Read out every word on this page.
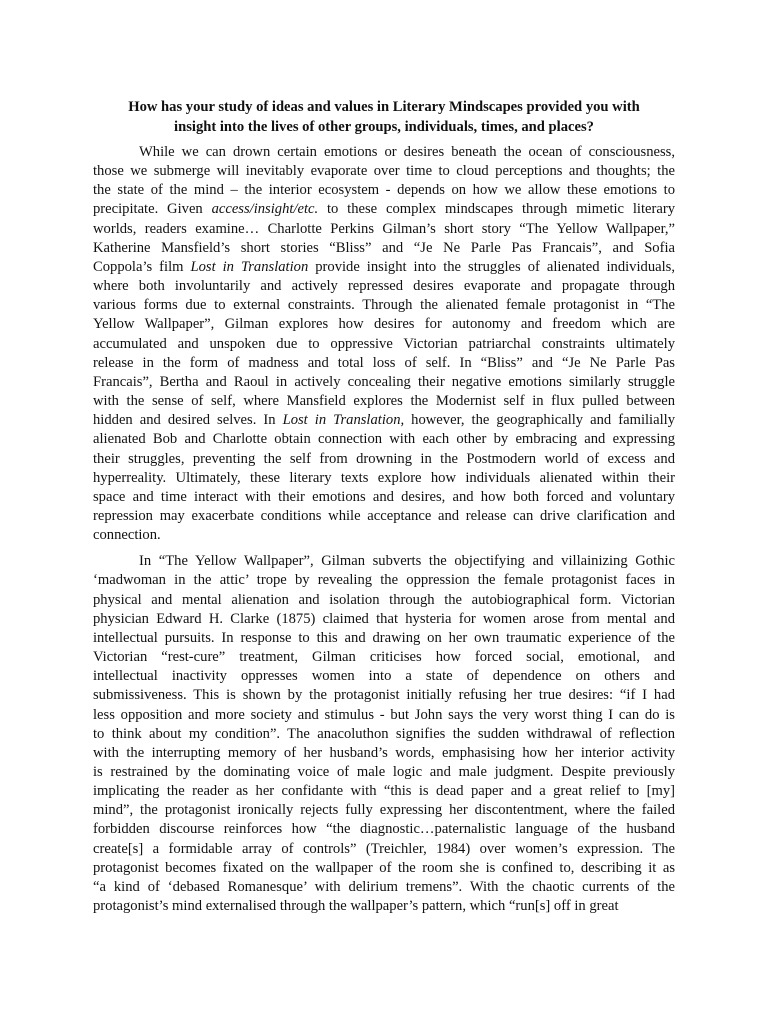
How has your study of ideas and values in Literary Mindscapes provided you with
insight into the lives of other groups, individuals, times, and places?

While we can drown certain emotions or desires beneath the ocean of consciousness,
those we submerge will inevitably evaporate over time to cloud perceptions and thoughts; the
the state of the mind – the interior ecosystem - depends on how we allow these emotions to
precipitate. Given access/insight/etc. to these complex mindscapes through mimetic literary
worlds, readers examine… Charlotte Perkins Gilman’s short story “The Yellow Wallpaper,”
Katherine Mansfield’s short stories “Bliss” and “Je Ne Parle Pas Francais”, and Sofia
Coppola’s film Lost in Translation provide insight into the struggles of alienated individuals,
where both involuntarily and actively repressed desires evaporate and propagate through
various forms due to external constraints. Through the alienated female protagonist in “The
Yellow Wallpaper”, Gilman explores how desires for autonomy and freedom which are
accumulated and unspoken due to oppressive Victorian patriarchal constraints ultimately
release in the form of madness and total loss of self. In “Bliss” and “Je Ne Parle Pas
Francais”, Bertha and Raoul in actively concealing their negative emotions similarly struggle
with the sense of self, where Mansfield explores the Modernist self in flux pulled between
hidden and desired selves. In Lost in Translation, however, the geographically and familially
alienated Bob and Charlotte obtain connection with each other by embracing and expressing
their struggles, preventing the self from drowning in the Postmodern world of excess and
hyperreality. Ultimately, these literary texts explore how individuals alienated within their
space and time interact with their emotions and desires, and how both forced and voluntary
repression may exacerbate conditions while acceptance and release can drive clarification and
connection.

In “The Yellow Wallpaper”, Gilman subverts the objectifying and villainizing Gothic
‘madwoman in the attic’ trope by revealing the oppression the female protagonist faces in
physical and mental alienation and isolation through the autobiographical form. Victorian
physician Edward H. Clarke (1875) claimed that hysteria for women arose from mental and
intellectual pursuits. In response to this and drawing on her own traumatic experience of the
Victorian “rest-cure” treatment, Gilman criticises how forced social, emotional, and
intellectual inactivity oppresses women into a state of dependence on others and
submissiveness. This is shown by the protagonist initially refusing her true desires: “if I had
less opposition and more society and stimulus - but John says the very worst thing I can do is
to think about my condition”. The anacoluthon signifies the sudden withdrawal of reflection
with the interrupting memory of her husband’s words, emphasising how her interior activity
is restrained by the dominating voice of male logic and male judgment. Despite previously
implicating the reader as her confidante with “this is dead paper and a great relief to [my]
mind”, the protagonist ironically rejects fully expressing her discontentment, where the failed
forbidden discourse reinforces how “the diagnostic…paternalistic language of the husband
create[s] a formidable array of controls” (Treichler, 1984) over women’s expression. The
protagonist becomes fixated on the wallpaper of the room she is confined to, describing it as
“a kind of ‘debased Romanesque’ with delirium tremens”. With the chaotic currents of the
protagonist’s mind externalised through the wallpaper’s pattern, which “run[s] off in great
